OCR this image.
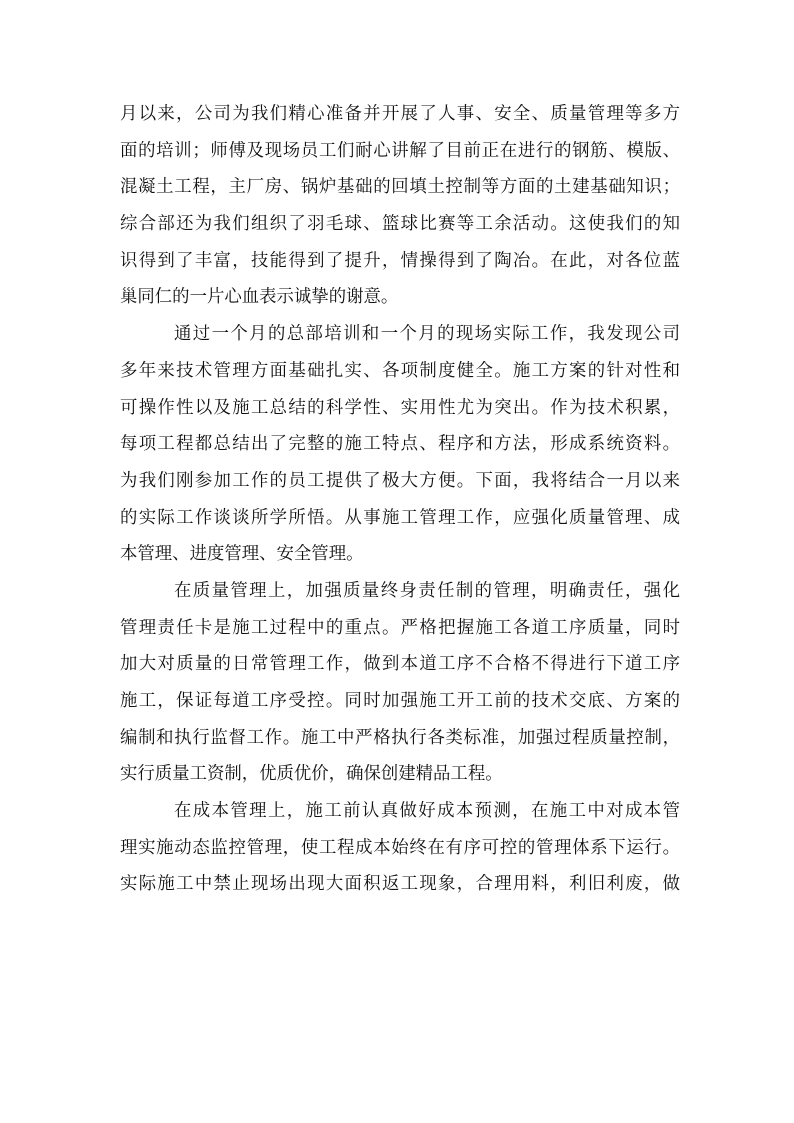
月以来，公司为我们精心准备并开展了人事、安全、质量管理等多方
面的培训；师傅及现场员工们耐心讲解了目前正在进行的钢筋、模版、
混凝土工程，主厂房、锅炉基础的回填土控制等方面的土建基础知识；
综合部还为我们组织了羽毛球、篮球比赛等工余活动。这使我们的知
识得到了丰富，技能得到了提升，情操得到了陶冶。在此，对各位蓝
巢同仁的一片心血表示诚挚的谢意。
通过一个月的总部培训和一个月的现场实际工作，我发现公司
多年来技术管理方面基础扎实、各项制度健全。施工方案的针对性和
可操作性以及施工总结的科学性、实用性尤为突出。作为技术积累，
每项工程都总结出了完整的施工特点、程序和方法，形成系统资料。
为我们刚参加工作的员工提供了极大方便。下面，我将结合一月以来
的实际工作谈谈所学所悟。从事施工管理工作，应强化质量管理、成
本管理、进度管理、安全管理。
在质量管理上，加强质量终身责任制的管理，明确责任，强化
管理责任卡是施工过程中的重点。严格把握施工各道工序质量，同时
加大对质量的日常管理工作，做到本道工序不合格不得进行下道工序
施工，保证每道工序受控。同时加强施工开工前的技术交底、方案的
编制和执行监督工作。施工中严格执行各类标准，加强过程质量控制，
实行质量工资制，优质优价，确保创建精品工程。
在成本管理上，施工前认真做好成本预测，在施工中对成本管
理实施动态监控管理，使工程成本始终在有序可控的管理体系下运行。
实际施工中禁止现场出现大面积返工现象，合理用料，利旧利废，做
